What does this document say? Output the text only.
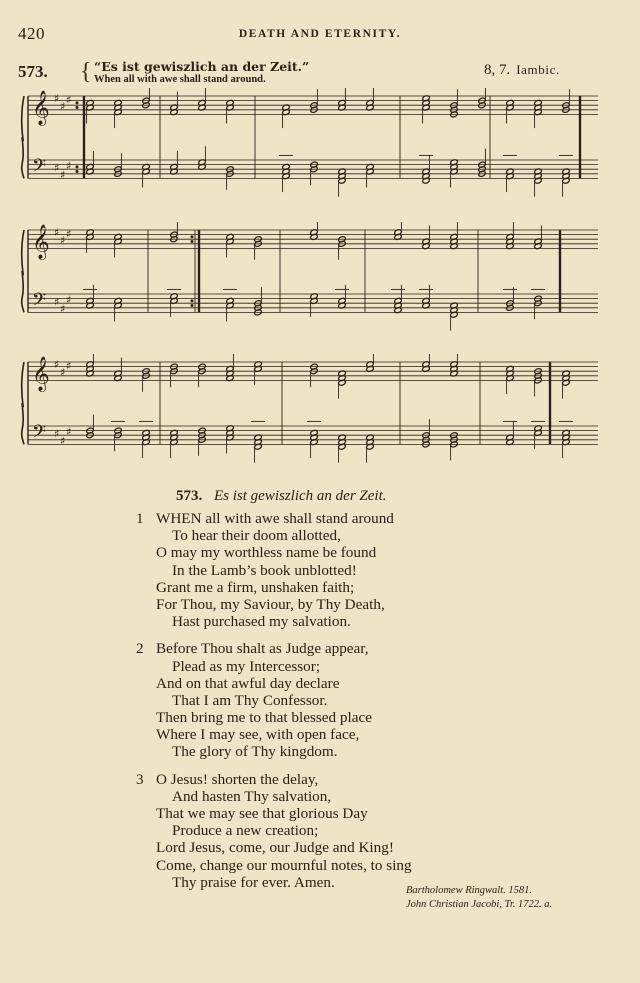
420	DEATH AND ETERNITY.
573. { “Es ist gewiszlich an der Zeit.”
When all with awe shall stand around.
8, 7. Iambic.
𝄞
𝄢
♯
♯
♯
♯
♯
♯
𝄞
𝄢
♯
♯
♯
♯
♯
♯
𝄞
𝄢
♯
♯
♯
♯
♯
♯
573. Es ist gewiszlich an der Zeit.
1 WHEN all with awe shall stand around
To hear their doom allotted,
O may my worthless name be found
In the Lamb’s book unblotted!
Grant me a firm, unshaken faith;
For Thou, my Saviour, by Thy Death,
Hast purchased my salvation.
2 Before Thou shalt as Judge appear,
Plead as my Intercessor;
And on that awful day declare
That I am Thy Confessor.
Then bring me to that blessed place
Where I may see, with open face,
The glory of Thy kingdom.
3 O Jesus! shorten the delay,
And hasten Thy salvation,
That we may see that glorious Day
Produce a new creation;
Lord Jesus, come, our Judge and King!
Come, change our mournful notes, to sing
Thy praise for ever. Amen.	Bartholomew Ringwalt. 1581.
John Christian Jacobi, Tr. 1722. a.
